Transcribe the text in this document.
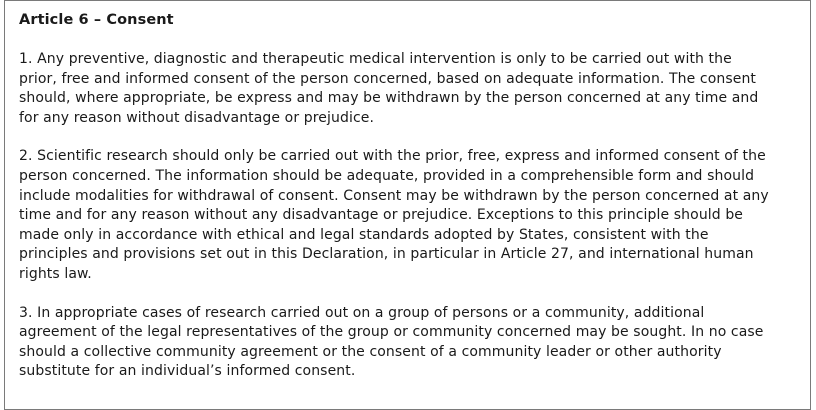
Article 6 – Consent
1. Any preventive, diagnostic and therapeutic medical intervention is only to be carried out with the
prior, free and informed consent of the person concerned, based on adequate information. The consent
should, where appropriate, be express and may be withdrawn by the person concerned at any time and
for any reason without disadvantage or prejudice.
2. Scientific research should only be carried out with the prior, free, express and informed consent of the
person concerned. The information should be adequate, provided in a comprehensible form and should
include modalities for withdrawal of consent. Consent may be withdrawn by the person concerned at any
time and for any reason without any disadvantage or prejudice. Exceptions to this principle should be
made only in accordance with ethical and legal standards adopted by States, consistent with the
principles and provisions set out in this Declaration, in particular in Article 27, and international human
rights law.
3. In appropriate cases of research carried out on a group of persons or a community, additional
agreement of the legal representatives of the group or community concerned may be sought. In no case
should a collective community agreement or the consent of a community leader or other authority
substitute for an individual’s informed consent.
